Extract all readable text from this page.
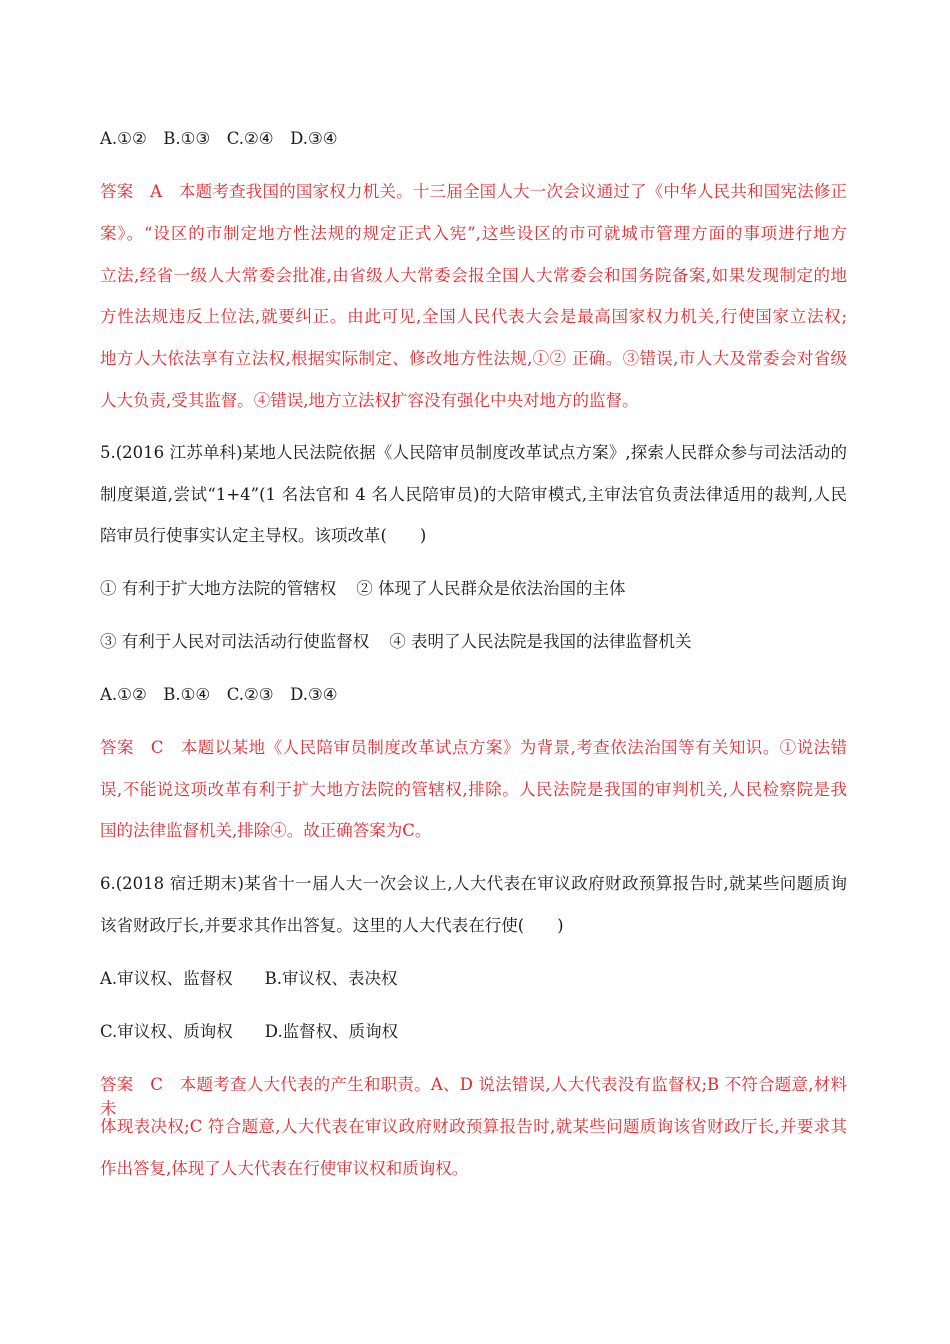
A.①②　B.①③　C.②④　D.③④
答案　A　本题考查我国的国家权力机关。十三届全国人大一次会议通过了《中华人民共和国宪法修正
案》。“设区的市制定地方性法规的规定正式入宪”,这些设区的市可就城市管理方面的事项进行地方
立法,经省一级人大常委会批准,由省级人大常委会报全国人大常委会和国务院备案,如果发现制定的地
方性法规违反上位法,就要纠正。由此可见,全国人民代表大会是最高国家权力机关,行使国家立法权;
地方人大依法享有立法权,根据实际制定、修改地方性法规,①② 正确。③错误,市人大及常委会对省级
人大负责,受其监督。④错误,地方立法权扩容没有强化中央对地方的监督。
5.(2016 江苏单科)某地人民法院依据《人民陪审员制度改革试点方案》,探索人民群众参与司法活动的
制度渠道,尝试“1+4”(1 名法官和 4 名人民陪审员)的大陪审模式,主审法官负责法律适用的裁判,人民
陪审员行使事实认定主导权。该项改革(　　)
① 有利于扩大地方法院的管辖权 ② 体现了人民群众是依法治国的主体
③ 有利于人民对司法活动行使监督权 ④ 表明了人民法院是我国的法律监督机关
A.①②　B.①④　C.②③　D.③④
答案　C　本题以某地《人民陪审员制度改革试点方案》为背景,考查依法治国等有关知识。①说法错
误,不能说这项改革有利于扩大地方法院的管辖权,排除。人民法院是我国的审判机关,人民检察院是我
国的法律监督机关,排除④。故正确答案为C。
6.(2018 宿迁期末)某省十一届人大一次会议上,人大代表在审议政府财政预算报告时,就某些问题质询
该省财政厅长,并要求其作出答复。这里的人大代表在行使(　　)
A.审议权、监督权 B.审议权、表决权
C.审议权、质询权 D.监督权、质询权
答案　C　本题考查人大代表的产生和职责。A、D 说法错误,人大代表没有监督权;B 不符合题意,材料未
体现表决权;C 符合题意,人大代表在审议政府财政预算报告时,就某些问题质询该省财政厅长,并要求其
作出答复,体现了人大代表在行使审议权和质询权。
